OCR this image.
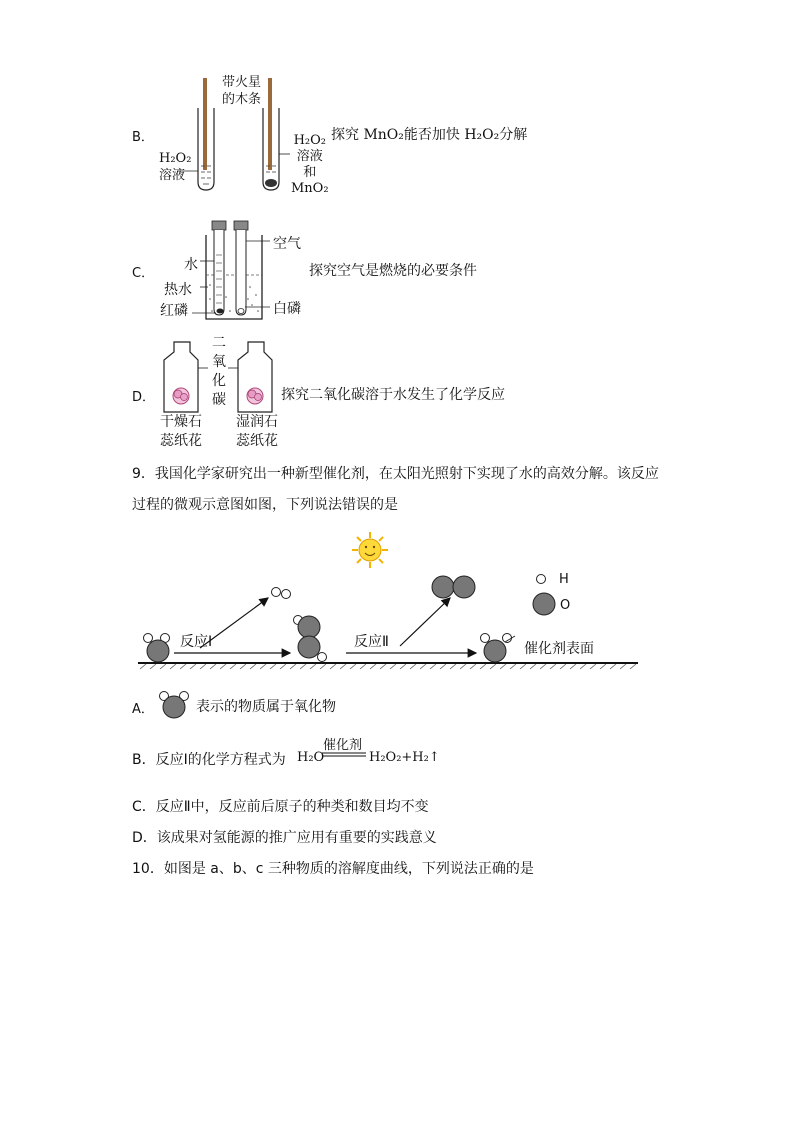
B．
带火星
的木条
H₂O₂
溶液
H₂O₂
溶液
和
MnO₂
探究 MnO₂能否加快 H₂O₂分解
C．
空气
水
热水
红磷	白磷
探究空气是燃烧的必要条件
D．
二
氧
化
碳
干燥石
蕊纸花
湿润石
蕊纸花
探究二氧化碳溶于水发生了化学反应
9．我国化学家研究出一种新型催化剂，在太阳光照射下实现了水的高效分解。该反应
过程的微观示意图如图，下列说法错误的是
反应Ⅰ	反应Ⅱ	催化剂表面
H
O
A．	表示的物质属于氧化物
B．反应Ⅰ的化学方程式为 H₂O
催化剂
H₂O₂+H₂↑
C．反应Ⅱ中，反应前后原子的种类和数目均不变
D．该成果对氢能源的推广应用有重要的实践意义
10．如图是 a、b、c 三种物质的溶解度曲线，下列说法正确的是
